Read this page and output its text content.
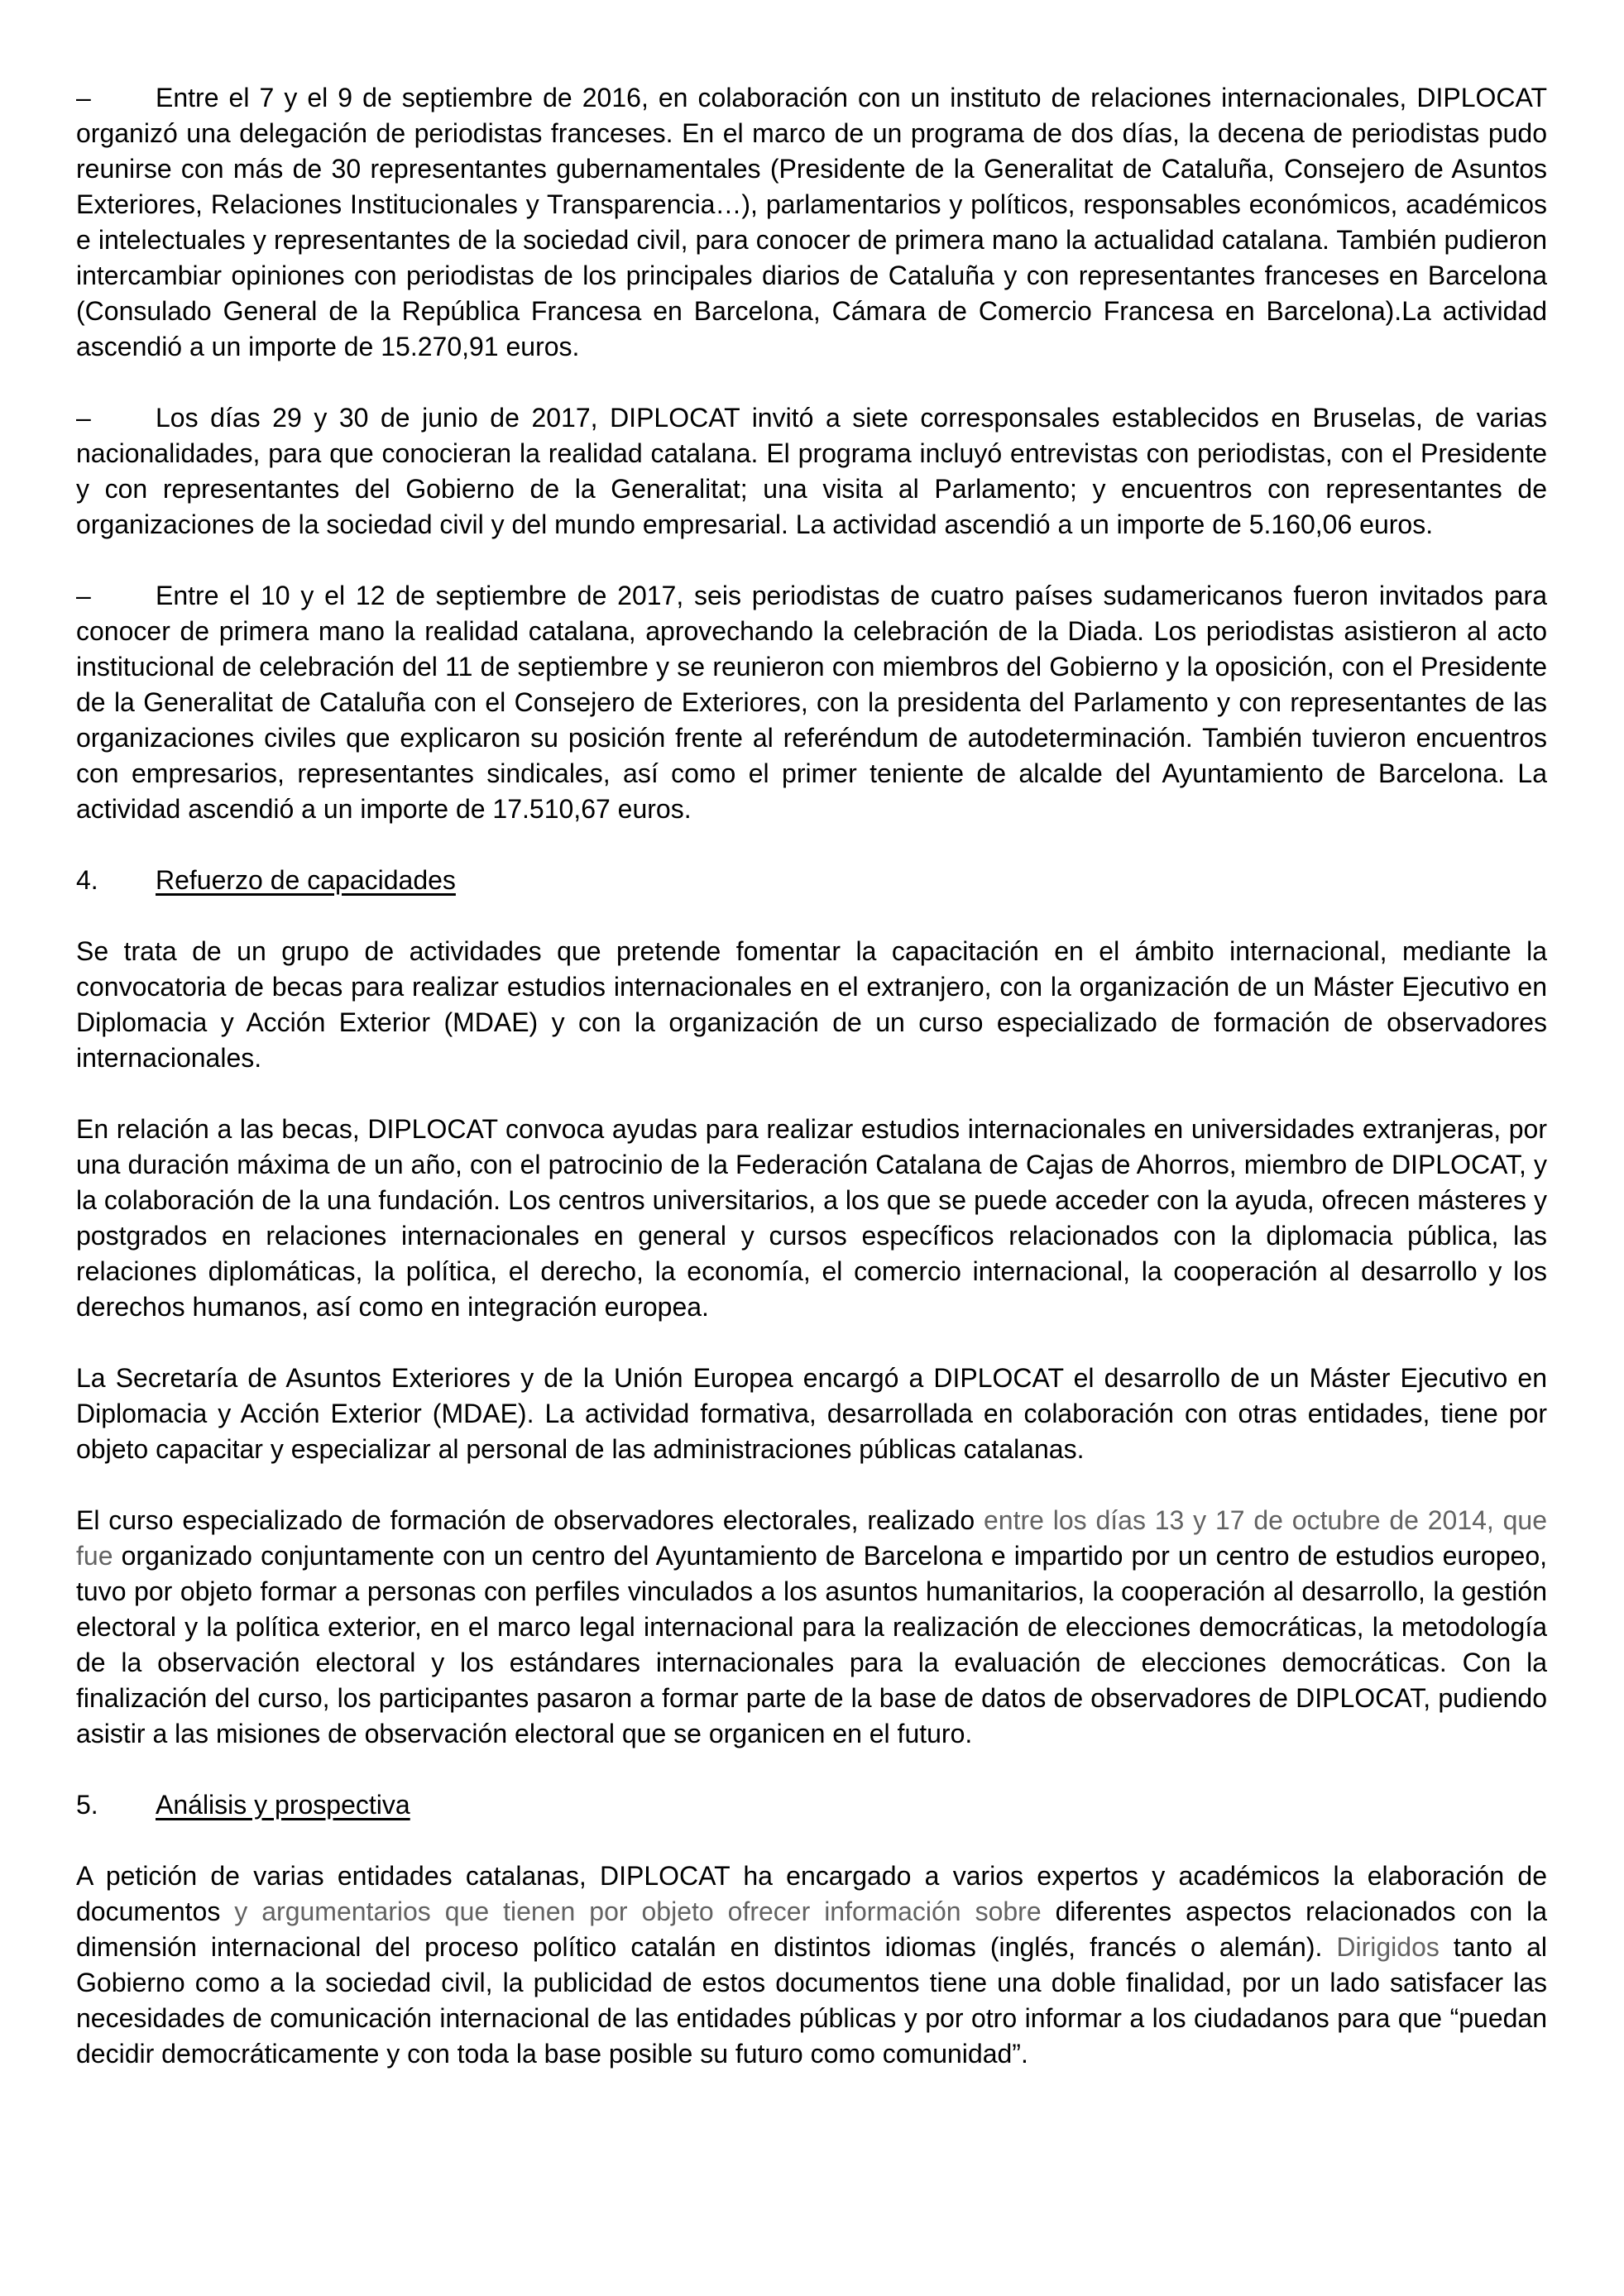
– Entre el 7 y el 9 de septiembre de 2016, en colaboración con un instituto de relaciones internacionales, DIPLOCAT organizó una delegación de periodistas franceses. En el marco de un programa de dos días, la decena de periodistas pudo reunirse con más de 30 representantes gubernamentales (Presidente de la Generalitat de Cataluña, Consejero de Asuntos Exteriores, Relaciones Institucionales y Transparencia…), parlamentarios y políticos, responsables económicos, académicos e intelectuales y representantes de la sociedad civil, para conocer de primera mano la actualidad catalana. También pudieron intercambiar opiniones con periodistas de los principales diarios de Cataluña y con representantes franceses en Barcelona (Consulado General de la República Francesa en Barcelona, Cámara de Comercio Francesa en Barcelona).La actividad ascendió a un importe de 15.270,91 euros.

– Los días 29 y 30 de junio de 2017, DIPLOCAT invitó a siete corresponsales establecidos en Bruselas, de varias nacionalidades, para que conocieran la realidad catalana. El programa incluyó entrevistas con periodistas, con el Presidente y con representantes del Gobierno de la Generalitat; una visita al Parlamento; y encuentros con representantes de organizaciones de la sociedad civil y del mundo empresarial. La actividad ascendió a un importe de 5.160,06 euros.

– Entre el 10 y el 12 de septiembre de 2017, seis periodistas de cuatro países sudamericanos fueron invitados para conocer de primera mano la realidad catalana, aprovechando la celebración de la Diada. Los periodistas asistieron al acto institucional de celebración del 11 de septiembre y se reunieron con miembros del Gobierno y la oposición, con el Presidente de la Generalitat de Cataluña con el Consejero de Exteriores, con la presidenta del Parlamento y con representantes de las organizaciones civiles que explicaron su posición frente al referéndum de autodeterminación. También tuvieron encuentros con empresarios, representantes sindicales, así como el primer teniente de alcalde del Ayuntamiento de Barcelona. La actividad ascendió a un importe de 17.510,67 euros.

4. Refuerzo de capacidades

Se trata de un grupo de actividades que pretende fomentar la capacitación en el ámbito internacional, mediante la convocatoria de becas para realizar estudios internacionales en el extranjero, con la organización de un Máster Ejecutivo en Diplomacia y Acción Exterior (MDAE) y con la organización de un curso especializado de formación de observadores internacionales.

En relación a las becas, DIPLOCAT convoca ayudas para realizar estudios internacionales en universidades extranjeras, por una duración máxima de un año, con el patrocinio de la Federación Catalana de Cajas de Ahorros, miembro de DIPLOCAT, y la colaboración de la una fundación. Los centros universitarios, a los que se puede acceder con la ayuda, ofrecen másteres y postgrados en relaciones internacionales en general y cursos específicos relacionados con la diplomacia pública, las relaciones diplomáticas, la política, el derecho, la economía, el comercio internacional, la cooperación al desarrollo y los derechos humanos, así como en integración europea.

La Secretaría de Asuntos Exteriores y de la Unión Europea encargó a DIPLOCAT el desarrollo de un Máster Ejecutivo en Diplomacia y Acción Exterior (MDAE). La actividad formativa, desarrollada en colaboración con otras entidades, tiene por objeto capacitar y especializar al personal de las administraciones públicas catalanas.

El curso especializado de formación de observadores electorales, realizado entre los días 13 y 17 de octubre de 2014, que fue organizado conjuntamente con un centro del Ayuntamiento de Barcelona e impartido por un centro de estudios europeo, tuvo por objeto formar a personas con perfiles vinculados a los asuntos humanitarios, la cooperación al desarrollo, la gestión electoral y la política exterior, en el marco legal internacional para la realización de elecciones democráticas, la metodología de la observación electoral y los estándares internacionales para la evaluación de elecciones democráticas. Con la finalización del curso, los participantes pasaron a formar parte de la base de datos de observadores de DIPLOCAT, pudiendo asistir a las misiones de observación electoral que se organicen en el futuro.

5. Análisis y prospectiva

A petición de varias entidades catalanas, DIPLOCAT ha encargado a varios expertos y académicos la elaboración de documentos y argumentarios que tienen por objeto ofrecer información sobre diferentes aspectos relacionados con la dimensión internacional del proceso político catalán en distintos idiomas (inglés, francés o alemán). Dirigidos tanto al Gobierno como a la sociedad civil, la publicidad de estos documentos tiene una doble finalidad, por un lado satisfacer las necesidades de comunicación internacional de las entidades públicas y por otro informar a los ciudadanos para que “puedan decidir democráticamente y con toda la base posible su futuro como comunidad”.
